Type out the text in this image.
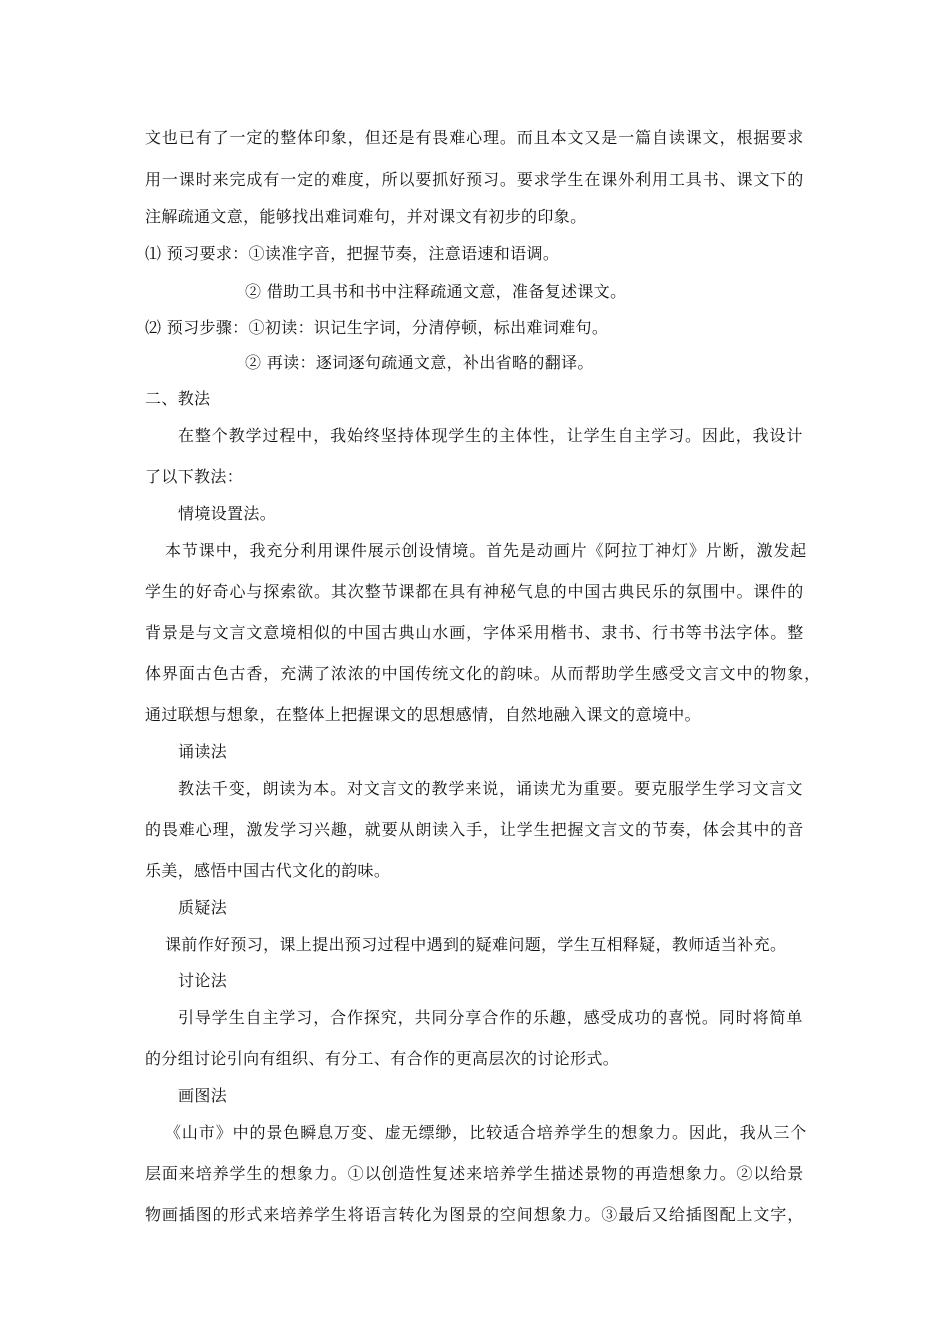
文也已有了一定的整体印象，但还是有畏难心理。而且本文又是一篇自读课文，根据要求
用一课时来完成有一定的难度，所以要抓好预习。要求学生在课外利用工具书、课文下的
注解疏通文意，能够找出难词难句，并对课文有初步的印象。
⑴ 预习要求：①读准字音，把握节奏，注意语速和语调。
② 借助工具书和书中注释疏通文意，准备复述课文。
⑵ 预习步骤：①初读：识记生字词，分清停顿，标出难词难句。
② 再读：逐词逐句疏通文意，补出省略的翻译。
二、教法
在整个教学过程中，我始终坚持体现学生的主体性，让学生自主学习。因此，我设计
了以下教法：
情境设置法。
本节课中，我充分利用课件展示创设情境。首先是动画片《阿拉丁神灯》片断，激发起
学生的好奇心与探索欲。其次整节课都在具有神秘气息的中国古典民乐的氛围中。课件的
背景是与文言文意境相似的中国古典山水画，字体采用楷书、隶书、行书等书法字体。整
体界面古色古香，充满了浓浓的中国传统文化的韵味。从而帮助学生感受文言文中的物象，
通过联想与想象，在整体上把握课文的思想感情，自然地融入课文的意境中。
诵读法
教法千变，朗读为本。对文言文的教学来说，诵读尤为重要。要克服学生学习文言文
的畏难心理，激发学习兴趣，就要从朗读入手，让学生把握文言文的节奏，体会其中的音
乐美，感悟中国古代文化的韵味。
质疑法
课前作好预习，课上提出预习过程中遇到的疑难问题，学生互相释疑，教师适当补充。
讨论法
引导学生自主学习，合作探究，共同分享合作的乐趣，感受成功的喜悦。同时将简单
的分组讨论引向有组织、有分工、有合作的更高层次的讨论形式。
画图法
《山市》中的景色瞬息万变、虚无缥缈，比较适合培养学生的想象力。因此，我从三个
层面来培养学生的想象力。①以创造性复述来培养学生描述景物的再造想象力。②以给景
物画插图的形式来培养学生将语言转化为图景的空间想象力。③最后又给插图配上文字，
